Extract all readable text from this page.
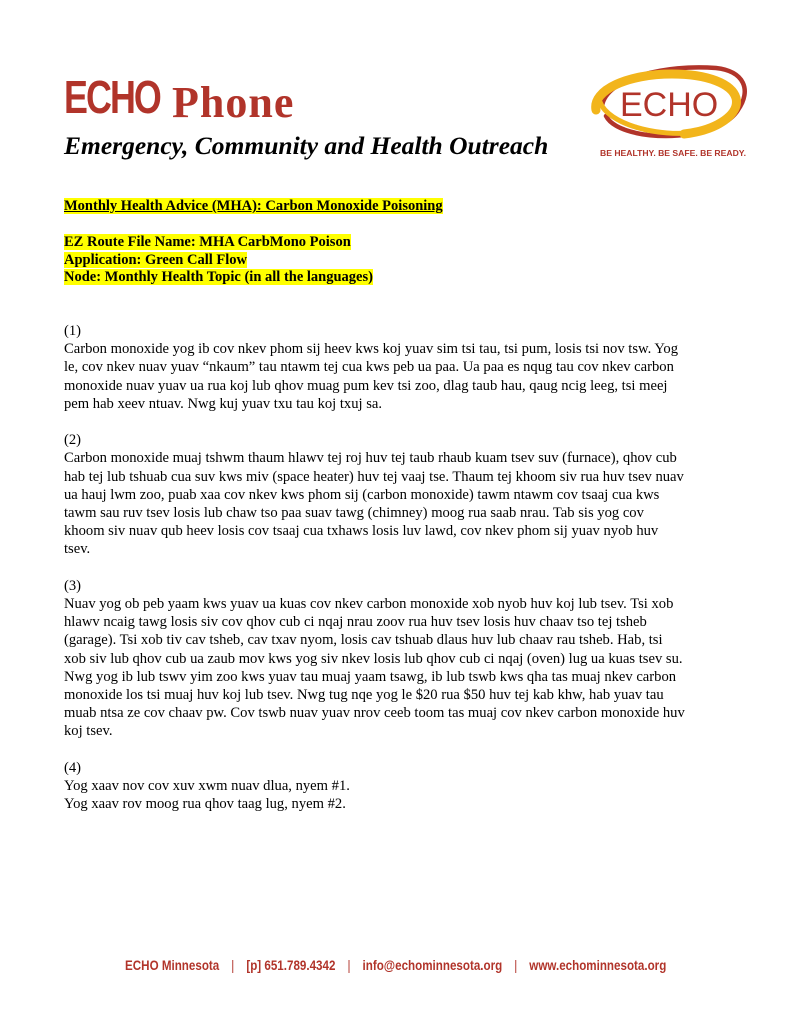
ECHO Phone
Emergency, Community and Health Outreach
ECHO
BE HEALTHY. BE SAFE. BE READY.
Monthly Health Advice (MHA): Carbon Monoxide Poisoning
EZ Route File Name: MHA CarbMono Poison
Application: Green Call Flow
Node: Monthly Health Topic (in all the languages)
(1)
Carbon monoxide yog ib cov nkev phom sij heev kws koj yuav sim tsi tau, tsi pum, losis tsi nov tsw. Yog
le, cov nkev nuav yuav “nkaum” tau ntawm tej cua kws peb ua paa. Ua paa es nqug tau cov nkev carbon
monoxide nuav yuav ua rua koj lub qhov muag pum kev tsi zoo, dlag taub hau, qaug ncig leeg, tsi meej
pem hab xeev ntuav. Nwg kuj yuav txu tau koj txuj sa.
(2)
Carbon monoxide muaj tshwm thaum hlawv tej roj huv tej taub rhaub kuam tsev suv (furnace), qhov cub
hab tej lub tshuab cua suv kws miv (space heater) huv tej vaaj tse. Thaum tej khoom siv rua huv tsev nuav
ua hauj lwm zoo, puab xaa cov nkev kws phom sij (carbon monoxide) tawm ntawm cov tsaaj cua kws
tawm sau ruv tsev losis lub chaw tso paa suav tawg (chimney) moog rua saab nrau. Tab sis yog cov
khoom siv nuav qub heev losis cov tsaaj cua txhaws losis luv lawd, cov nkev phom sij yuav nyob huv
tsev.
(3)
Nuav yog ob peb yaam kws yuav ua kuas cov nkev carbon monoxide xob nyob huv koj lub tsev. Tsi xob
hlawv ncaig tawg losis siv cov qhov cub ci nqaj nrau zoov rua huv tsev losis huv chaav tso tej tsheb
(garage). Tsi xob tiv cav tsheb, cav txav nyom, losis cav tshuab dlaus huv lub chaav rau tsheb. Hab, tsi
xob siv lub qhov cub ua zaub mov kws yog siv nkev losis lub qhov cub ci nqaj (oven) lug ua kuas tsev su.
Nwg yog ib lub tswv yim zoo kws yuav tau muaj yaam tsawg, ib lub tswb kws qha tas muaj nkev carbon
monoxide los tsi muaj huv koj lub tsev. Nwg tug nqe yog le $20 rua $50 huv tej kab khw, hab yuav tau
muab ntsa ze cov chaav pw. Cov tswb nuav yuav nrov ceeb toom tas muaj cov nkev carbon monoxide huv
koj tsev.
(4)
Yog xaav nov cov xuv xwm nuav dlua, nyem #1.
Yog xaav rov moog rua qhov taag lug, nyem #2.
ECHO Minnesota | [p] 651.789.4342 | info@echominnesota.org | www.echominnesota.org
